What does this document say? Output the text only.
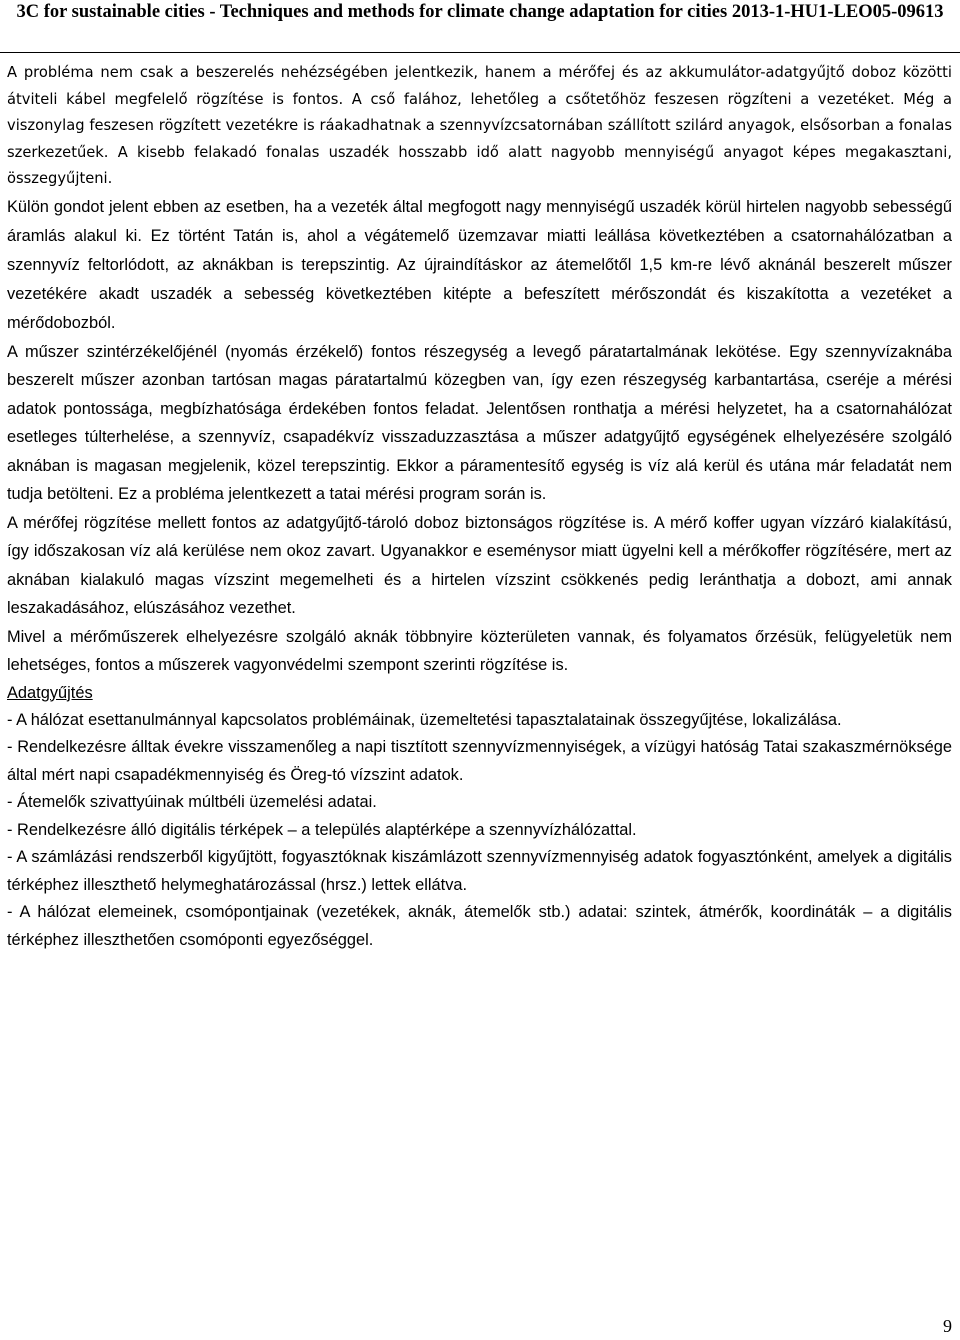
3C for sustainable cities - Techniques and methods for climate change adaptation for cities 2013-1-HU1-LEO05-09613

A probléma nem csak a beszerelés nehézségében jelentkezik, hanem a mérőfej és az akkumulátor-adatgyűjtő doboz közötti átviteli kábel megfelelő rögzítése is fontos. A cső falához, lehetőleg a csőtetőhöz feszesen rögzíteni a vezetéket. Még a viszonylag feszesen rögzített vezetékre is ráakadhatnak a szennyvízcsatornában szállított szilárd anyagok, elsősorban a fonalas szerkezetűek. A kisebb felakadó fonalas uszadék hosszabb idő alatt nagyobb mennyiségű anyagot képes megakasztani, összegyűjteni.

Külön gondot jelent ebben az esetben, ha a vezeték által megfogott nagy mennyiségű uszadék körül hirtelen nagyobb sebességű áramlás alakul ki. Ez történt Tatán is, ahol a végátemelő üzemzavar miatti leállása következtében a csatornahálózatban a szennyvíz feltorlódott, az aknákban is terepszintig. Az újraindításkor az átemelőtől 1,5 km-re lévő aknánál beszerelt műszer vezetékére akadt uszadék a sebesség következtében kitépte a befeszített mérőszondát és kiszakította a vezetéket a mérődobozból.

A műszer szintérzékelőjénél (nyomás érzékelő) fontos részegység a levegő páratartalmának lekötése. Egy szennyvízaknába beszerelt műszer azonban tartósan magas páratartalmú közegben van, így ezen részegység karbantartása, cseréje a mérési adatok pontossága, megbízhatósága érdekében fontos feladat. Jelentősen ronthatja a mérési helyzetet, ha a csatornahálózat esetleges túlterhelése, a szennyvíz, csapadékvíz visszaduzzasztása a műszer adatgyűjtő egységének elhelyezésére szolgáló aknában is magasan megjelenik, közel terepszintig. Ekkor a páramentesítő egység is víz alá kerül és utána már feladatát nem tudja betölteni. Ez a probléma jelentkezett a tatai mérési program során is.

A mérőfej rögzítése mellett fontos az adatgyűjtő-tároló doboz biztonságos rögzítése is. A mérő koffer ugyan vízzáró kialakítású, így időszakosan víz alá kerülése nem okoz zavart. Ugyanakkor e eseménysor miatt ügyelni kell a mérőkoffer rögzítésére, mert az aknában kialakuló magas vízszint megemelheti és a hirtelen vízszint csökkenés pedig leránthatja a dobozt, ami annak leszakadásához, elúszásához vezethet.

Mivel a mérőműszerek elhelyezésre szolgáló aknák többnyire közterületen vannak, és folyamatos őrzésük, felügyeletük nem lehetséges, fontos a műszerek vagyonvédelmi szempont szerinti rögzítése is.

Adatgyűjtés

- A hálózat esettanulmánnyal kapcsolatos problémáinak, üzemeltetési tapasztalatainak összegyűjtése, lokalizálása.

- Rendelkezésre álltak évekre visszamenőleg a napi tisztított szennyvízmennyiségek, a vízügyi hatóság Tatai szakaszmérnöksége által mért napi csapadékmennyiség és Öreg-tó vízszint adatok.

- Átemelők szivattyúinak múltbéli üzemelési adatai.

- Rendelkezésre álló digitális térképek – a település alaptérképe a szennyvízhálózattal.

- A számlázási rendszerből kigyűjtött, fogyasztóknak kiszámlázott szennyvízmennyiség adatok fogyasztónként, amelyek a digitális térképhez illeszthető helymeghatározással (hrsz.) lettek ellátva.

- A hálózat elemeinek, csomópontjainak (vezetékek, aknák, átemelők stb.) adatai: szintek, átmérők, koordináták – a digitális térképhez illeszthetően csomóponti egyezőséggel.

9
